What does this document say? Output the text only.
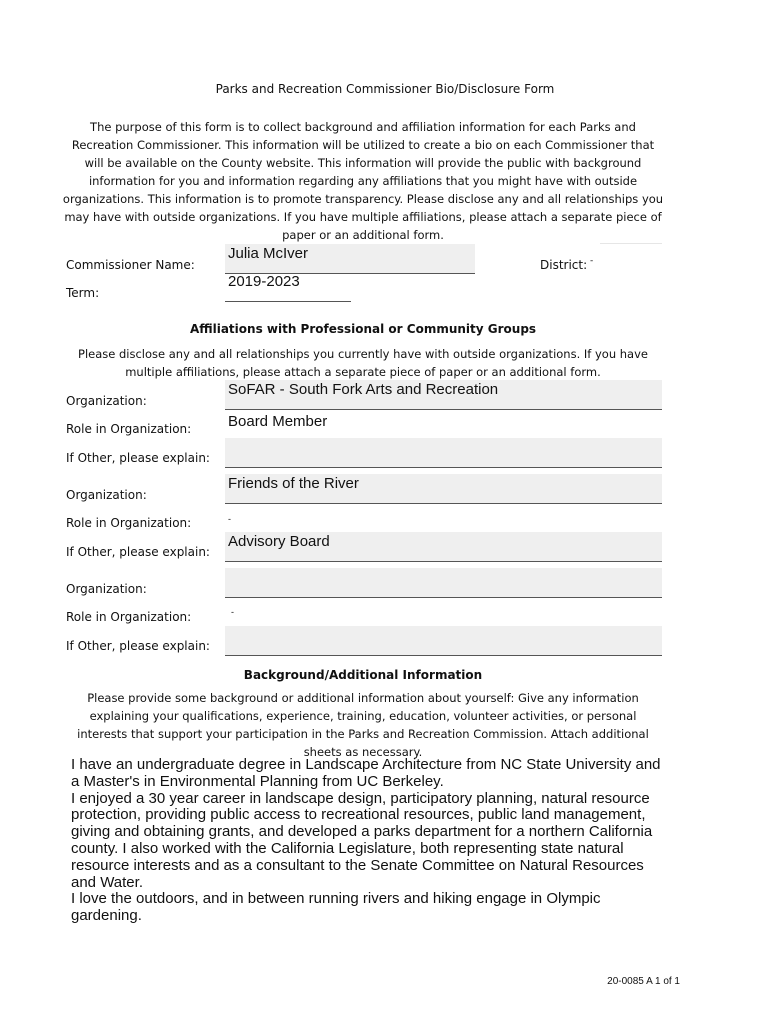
Parks and Recreation Commissioner Bio/Disclosure Form
The purpose of this form is to collect background and affiliation information for each Parks and Recreation Commissioner. This information will be utilized to create a bio on each Commissioner that will be available on the County website. This information will provide the public with background information for you and information regarding any affiliations that you might have with outside organizations. This information is to promote transparency. Please disclose any and all relationships you may have with outside organizations. If you have multiple affiliations, please attach a separate piece of paper or an additional form.
Commissioner Name:
Julia McIver
District: -
Term:
2019-2023
Affiliations with Professional or Community Groups
Please disclose any and all relationships you currently have with outside organizations. If you have multiple affiliations, please attach a separate piece of paper or an additional form.
Organization:
SoFAR - South Fork Arts and Recreation
Role in Organization: Board Member
If Other, please explain:
Organization:
Friends of the River
Role in Organization:	-
If Other, please explain:
Advisory Board
Organization:
Role in Organization:	-
If Other, please explain:
Background/Additional Information
Please provide some background or additional information about yourself: Give any information explaining your qualifications, experience, training, education, volunteer activities, or personal interests that support your participation in the Parks and Recreation Commission. Attach additional sheets as necessary.
I have an undergraduate degree in Landscape Architecture from NC State University and a Master's in Environmental Planning from UC Berkeley.
I enjoyed a 30 year career in landscape design, participatory planning, natural resource protection, providing public access to recreational resources, public land management, giving and obtaining grants, and developed a parks department for a northern California county. I also worked with the California Legislature, both representing state natural resource interests and as a consultant to the Senate Committee on Natural Resources and Water.
I love the outdoors, and in between running rivers and hiking engage in Olympic gardening.
20-0085 A 1 of 1
